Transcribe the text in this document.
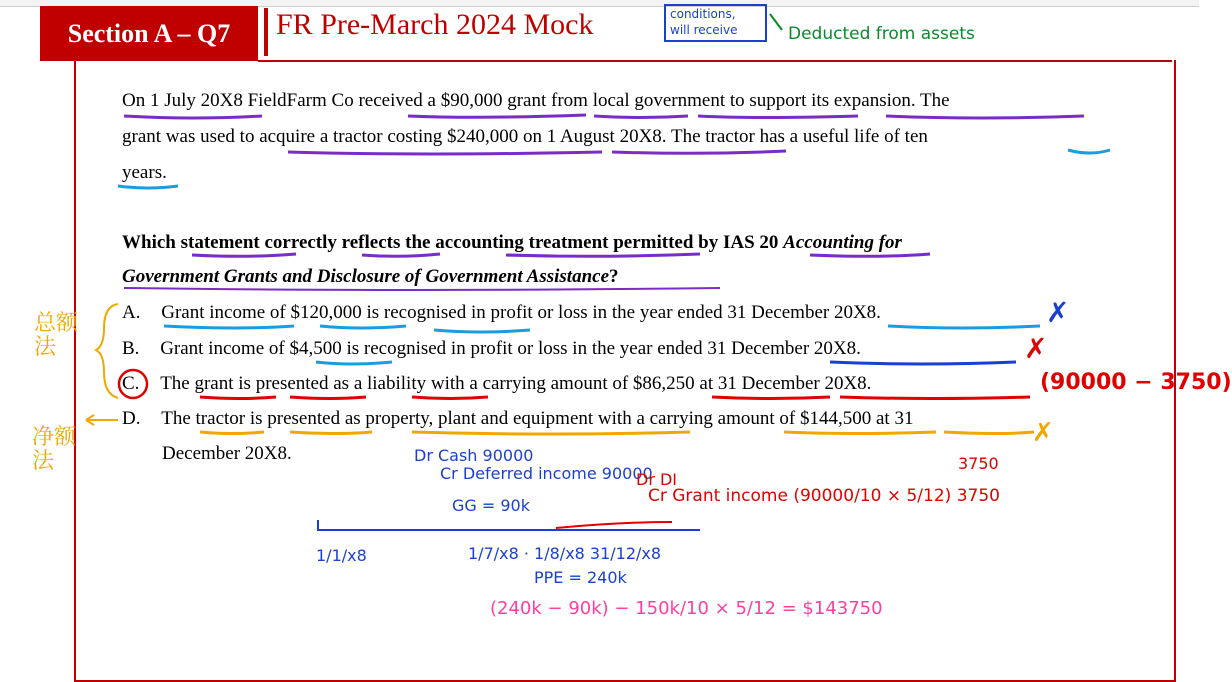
Section A – Q7	FR Pre-March 2024 Mock	conditions,
will receive	Deducted from assets
On 1 July 20X8 FieldFarm Co received a $90,000 grant from local government to support its expansion. The
grant was used to acquire a tractor costing $240,000 on 1 August 20X8. The tractor has a useful life of ten
years.
Which statement correctly reflects the accounting treatment permitted by IAS 20 Accounting for
Government Grants and Disclosure of Government Assistance?
A. Grant income of $120,000 is recognised in profit or loss in the year ended 31 December 20X8.
B. Grant income of $4,500 is recognised in profit or loss in the year ended 31 December 20X8.
C. The grant is presented as a liability with a carrying amount of $86,250 at 31 December 20X8.
D. The tractor is presented as property, plant and equipment with a carrying amount of $144,500 at 31
December 20X8.
总额法
净额法
✗
✗
✗
(90000 − 3750)
Dr Cash 90000
Cr Deferred income 90000
GG = 90k
Dr DI
3750
Cr Grant income (90000/10 × 5/12) 3750
1/1/x8	1/7/x8 · 1/8/x8 31/12/x8
PPE = 240k
(240k − 90k) − 150k/10 × 5/12 = $143750
